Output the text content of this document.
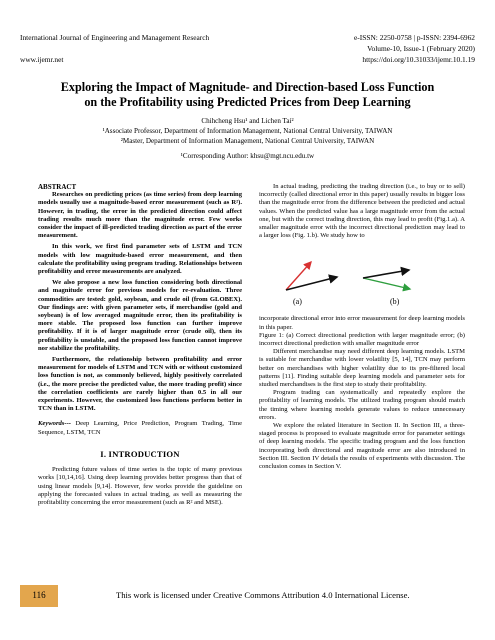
International Journal of Engineering and Management Research
www.ijemr.net
e-ISSN: 2250-0758 | p-ISSN: 2394-6962
Volume-10, Issue-1 (February 2020)
https://doi.org/10.31033/ijemr.10.1.19
Exploring the Impact of Magnitude- and Direction-based Loss Function
on the Profitability using Predicted Prices from Deep Learning
Chihcheng Hsu¹ and Lichen Tai²
¹Associate Professor, Department of Information Management, National Central University, TAIWAN
²Master, Department of Information Management, National Central University, TAIWAN
¹Corresponding Author: khsu@mgt.ncu.edu.tw
ABSTRACT

Researches on predicting prices (as time series) from deep learning models usually use a magnitude-based error measurement (such as R²). However, in trading, the error in the predicted direction could affect trading results much more than the magnitude error. Few works consider the impact of ill-predicted trading direction as part of the error measurement.

In this work, we first find parameter sets of LSTM and TCN models with low magnitude-based error measurement, and then calculate the profitability using program trading. Relationships between profitability and error measurements are analyzed.

We also propose a new loss function considering both directional and magnitude error for previous models for re-evaluation. Three commodities are tested: gold, soybean, and crude oil (from GLOBEX). Our findings are: with given parameter sets, if merchandise (gold and soybean) is of low averaged magnitude error, then its profitability is more stable. The proposed loss function can further improve profitability. If it is of larger magnitude error (crude oil), then its profitability is unstable, and the proposed loss function cannot improve nor stabilize the profitability.

Furthermore, the relationship between profitability and error measurement for models of LSTM and TCN with or without customized loss function is not, as commonly believed, highly positively correlated (i.e., the more precise the predicted value, the more trading profit) since the correlation coefficients are rarely higher than 0.5 in all our experiments. However, the customized loss functions perform better in TCN than in LSTM.

Keywords--- Deep Learning, Price Prediction, Program Trading, Time Sequence, LSTM, TCN

I. INTRODUCTION

Predicting future values of time series is the topic of many previous works [10,14,16]. Using deep learning provides better progress than that of using linear models [9,14]. However, few works provide the guideline on applying the forecasted values in actual trading, as well as measuring the profitability concerning the error measurement (such as R² and MSE).

In actual trading, predicting the trading direction (i.e., to buy or to sell) incorrectly (called directional error in this paper) usually results in bigger loss than the magnitude error from the difference between the predicted and actual values. When the predicted value has a large magnitude error from the actual one, but with the correct trading direction, this may lead to profit (Fig.1.a). A smaller magnitude error with the incorrect directional prediction may lead to a larger loss (Fig. 1.b). We study how to

(a)	(b)

incorporate directional error into error measurement for deep learning models in this paper.

Figure 1: (a) Correct directional prediction with larger magnitude error; (b) incorrect directional prediction with smaller magnitude error

Different merchandise may need different deep learning models. LSTM is suitable for merchandise with lower volatility [5, 14], TCN may perform better on merchandises with higher volatility due to its pre-filtered local patterns [11]. Finding suitable deep learning models and parameter sets for studied merchandises is the first step to study their profitability.

Program trading can systematically and repeatedly explore the profitability of learning models. The utilized trading program should match the timing where learning models generate values to reduce unnecessary errors.

We explore the related literature in Section II. In Section III, a three-staged process is proposed to evaluate magnitude error for parameter settings of deep learning models. The specific trading program and the loss function incorporating both directional and magnitude error are also introduced in Section III. Section IV details the results of experiments with discussion. The conclusion comes in Section V.

116	This work is licensed under Creative Commons Attribution 4.0 International License.
